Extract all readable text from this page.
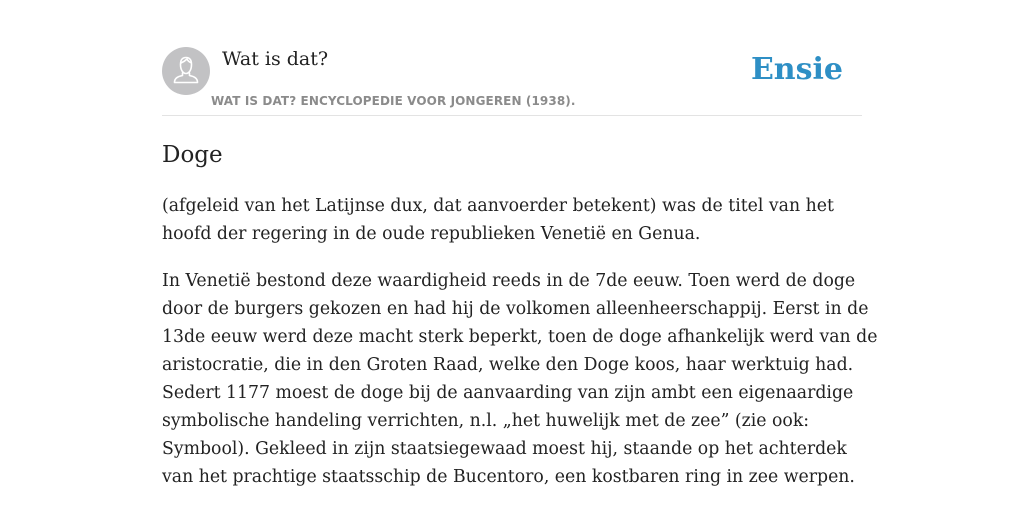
Wat is dat?
WAT IS DAT? ENCYCLOPEDIE VOOR JONGEREN (1938).
Ensie
Doge
(afgeleid van het Latijnse dux, dat aanvoerder betekent) was de titel van het
hoofd der regering in de oude republieken Venetië en Genua.
In Venetië bestond deze waardigheid reeds in de 7de eeuw. Toen werd de doge
door de burgers gekozen en had hij de volkomen alleenheerschappij. Eerst in de
13de eeuw werd deze macht sterk beperkt, toen de doge afhankelijk werd van de
aristocratie, die in den Groten Raad, welke den Doge koos, haar werktuig had.
Sedert 1177 moest de doge bij de aanvaarding van zijn ambt een eigenaardige
symbolische handeling verrichten, n.l. „het huwelijk met de zee” (zie ook:
Symbool). Gekleed in zijn staatsiegewaad moest hij, staande op het achterdek
van het prachtige staatsschip de Bucentoro, een kostbaren ring in zee werpen.
